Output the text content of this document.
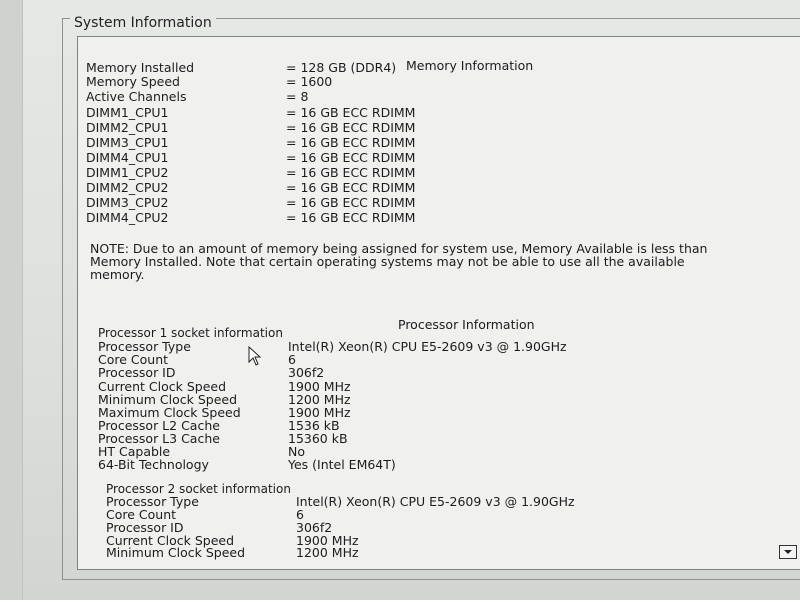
System Information
Memory Information
Memory Installed	= 128 GB (DDR4)
Memory Speed	= 1600
Active Channels	= 8
DIMM1_CPU1	= 16 GB ECC RDIMM
DIMM2_CPU1	= 16 GB ECC RDIMM
DIMM3_CPU1	= 16 GB ECC RDIMM
DIMM4_CPU1	= 16 GB ECC RDIMM
DIMM1_CPU2	= 16 GB ECC RDIMM
DIMM2_CPU2	= 16 GB ECC RDIMM
DIMM3_CPU2	= 16 GB ECC RDIMM
DIMM4_CPU2	= 16 GB ECC RDIMM
NOTE: Due to an amount of memory being assigned for system use, Memory Available is less than Memory Installed. Note that certain operating systems may not be able to use all the available memory.
Processor Information
Processor 1 socket information
Processor Type	Intel(R) Xeon(R) CPU E5-2609 v3 @ 1.90GHz
Core Count	6
Processor ID	306f2
Current Clock Speed	1900 MHz
Minimum Clock Speed	1200 MHz
Maximum Clock Speed	1900 MHz
Processor L2 Cache	1536 kB
Processor L3 Cache	15360 kB
HT Capable	No
64-Bit Technology	Yes (Intel EM64T)
Processor 2 socket information
Processor Type	Intel(R) Xeon(R) CPU E5-2609 v3 @ 1.90GHz
Core Count	6
Processor ID	306f2
Current Clock Speed	1900 MHz
Minimum Clock Speed	1200 MHz
